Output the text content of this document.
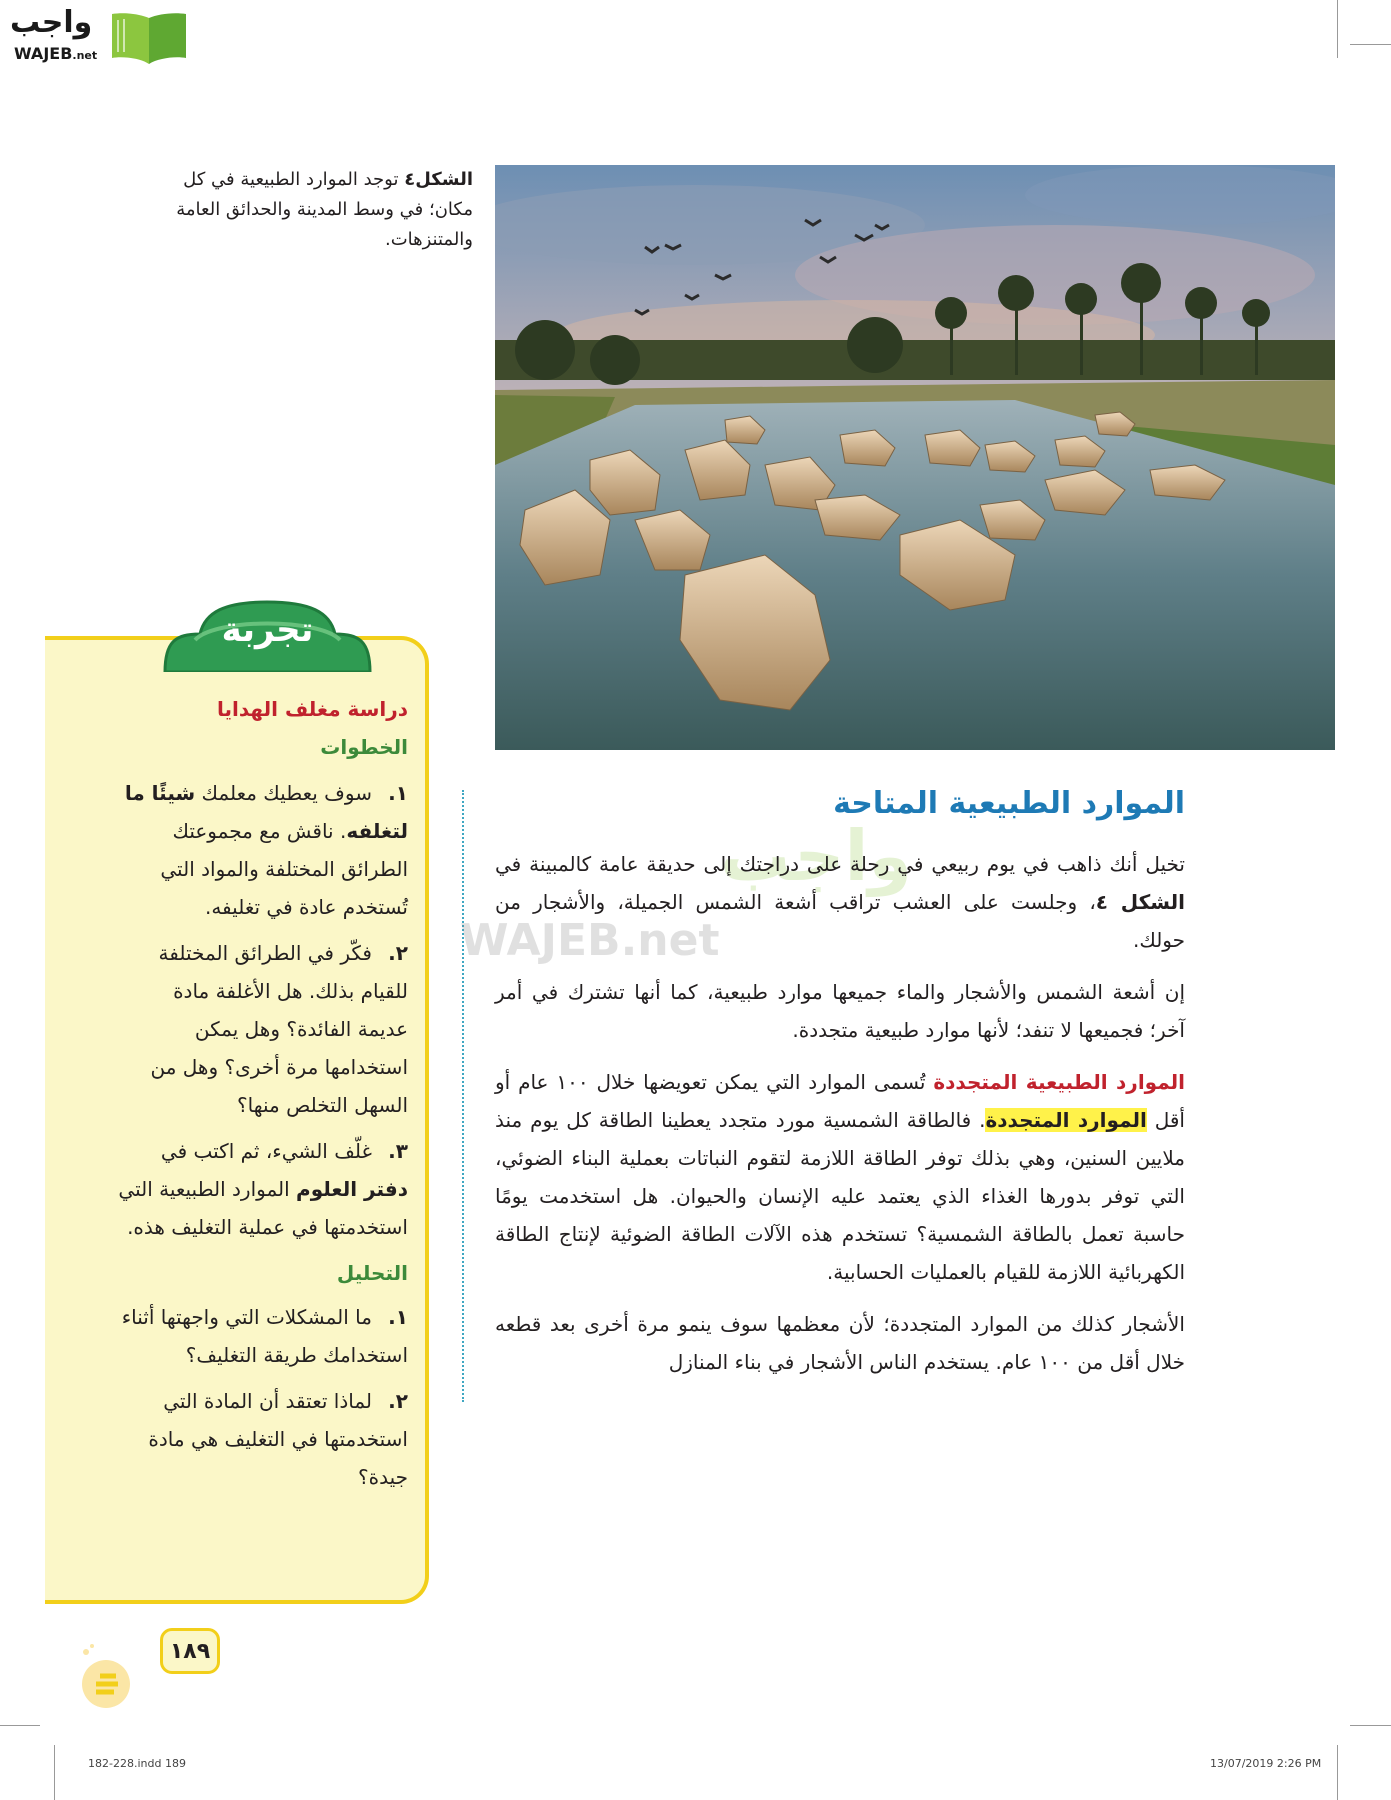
واجب
WAJEB.net
الشكل٤ توجد الموارد الطبيعية في كل مكان؛ في وسط المدينة والحدائق العامة والمتنزهات.
تجربة
دراسة مغلف الهدايا
الخطوات
١.سوف يعطيك معلمك شيئًا ما لتغلفه. ناقش مع مجموعتك الطرائق المختلفة والمواد التي تُستخدم عادة في تغليفه.
٢.فكّر في الطرائق المختلفة للقيام بذلك. هل الأغلفة مادة عديمة الفائدة؟ وهل يمكن استخدامها مرة أخرى؟ وهل من السهل التخلص منها؟
٣.غلّف الشيء، ثم اكتب في دفتر العلوم الموارد الطبيعية التي استخدمتها في عملية التغليف هذه.
التحليل
١.ما المشكلات التي واجهتها أثناء استخدامك طريقة التغليف؟
٢.لماذا تعتقد أن المادة التي استخدمتها في التغليف هي مادة جيدة؟
واجب
WAJEB.net
الموارد الطبيعية المتاحة

تخيل أنك ذاهب في يوم ربيعي في رحلة على دراجتك إلى حديقة عامة كالمبينة في الشكل ٤، وجلست على العشب تراقب أشعة الشمس الجميلة، والأشجار من حولك.

إن أشعة الشمس والأشجار والماء جميعها موارد طبيعية، كما أنها تشترك في أمر آخر؛ فجميعها لا تنفد؛ لأنها موارد طبيعية متجددة.

الموارد الطبيعية المتجددة تُسمى الموارد التي يمكن تعويضها خلال ١٠٠ عام أو أقل الموارد المتجددة. فالطاقة الشمسية مورد متجدد يعطينا الطاقة كل يوم منذ ملايين السنين، وهي بذلك توفر الطاقة اللازمة لتقوم النباتات بعملية البناء الضوئي، التي توفر بدورها الغذاء الذي يعتمد عليه الإنسان والحيوان. هل استخدمت يومًا حاسبة تعمل بالطاقة الشمسية؟ تستخدم هذه الآلات الطاقة الضوئية لإنتاج الطاقة الكهربائية اللازمة للقيام بالعمليات الحسابية.

الأشجار كذلك من الموارد المتجددة؛ لأن معظمها سوف ينمو مرة أخرى بعد قطعه خلال أقل من ١٠٠ عام. يستخدم الناس الأشجار في بناء المنازل

١٨٩
182-228.indd 189	13/07/2019 2:26 PM
